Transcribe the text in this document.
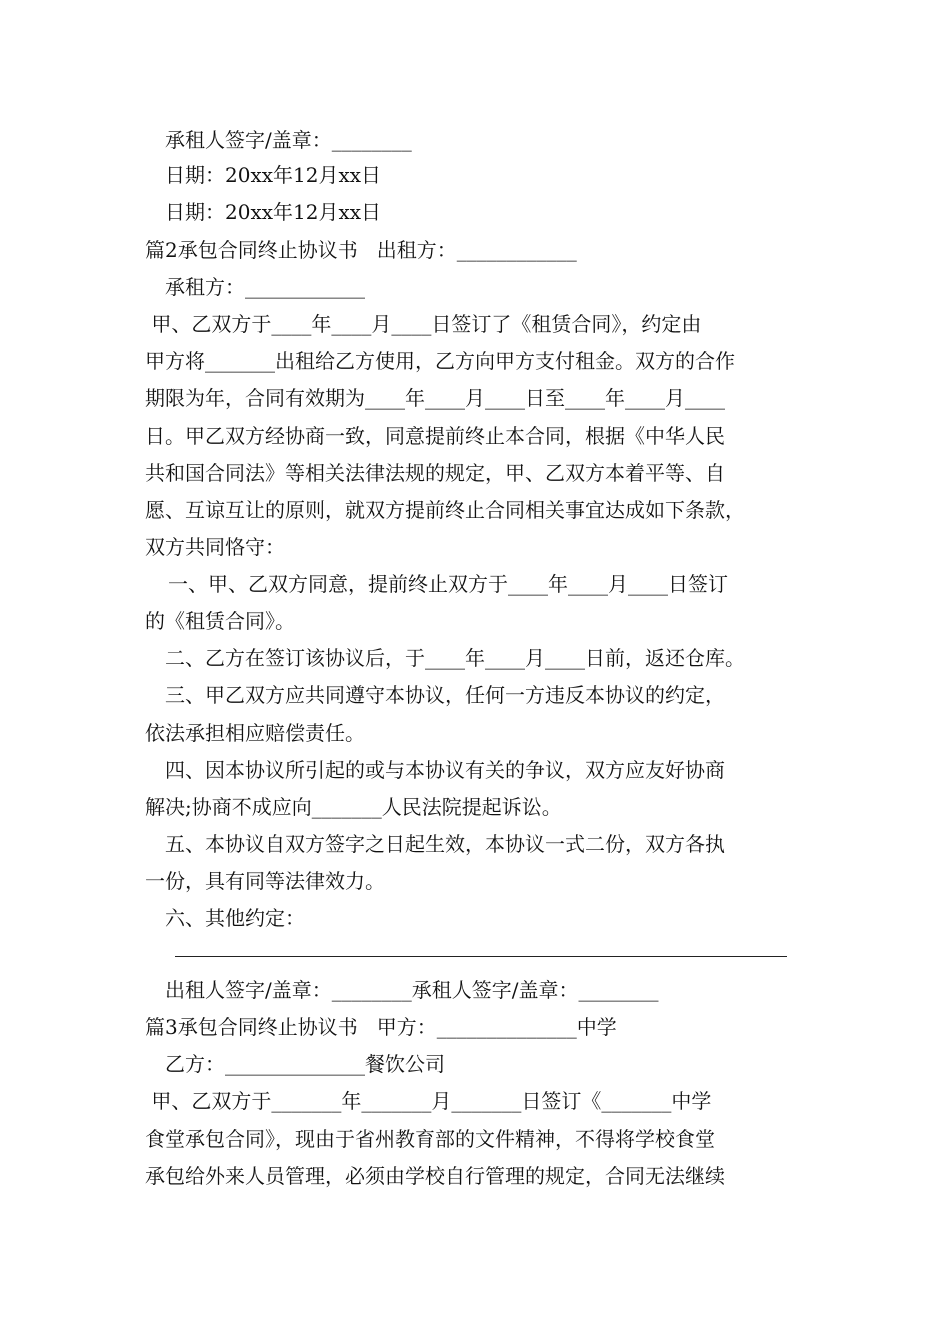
承租人签字/盖章：________
日期：20xx年12月xx日
日期：20xx年12月xx日
篇2承包合同终止协议书   出租方：____________
承租方：____________
甲、乙双方于____年____月____日签订了《租赁合同》，约定由
甲方将_______出租给乙方使用，乙方向甲方支付租金。双方的合作
期限为年，合同有效期为____年____月____日至____年____月____
日。甲乙双方经协商一致，同意提前终止本合同，根据《中华人民
共和国合同法》等相关法律法规的规定，甲、乙双方本着平等、自
愿、互谅互让的原则，就双方提前终止合同相关事宜达成如下条款，
双方共同恪守：
一、甲、乙双方同意，提前终止双方于____年____月____日签订
的《租赁合同》。
二、乙方在签订该协议后，于____年____月____日前，返还仓库。
三、甲乙双方应共同遵守本协议，任何一方违反本协议的约定，
依法承担相应赔偿责任。
四、因本协议所引起的或与本协议有关的争议，双方应友好协商
解决;协商不成应向_______人民法院提起诉讼。
五、本协议自双方签字之日起生效，本协议一式二份，双方各执
一份，具有同等法律效力。
六、其他约定：
出租人签字/盖章：________承租人签字/盖章：________
篇3承包合同终止协议书   甲方：______________中学
乙方：______________餐饮公司
甲、乙双方于_______年_______月_______日签订《_______中学
食堂承包合同》，现由于省州教育部的文件精神，不得将学校食堂
承包给外来人员管理，必须由学校自行管理的规定，合同无法继续
